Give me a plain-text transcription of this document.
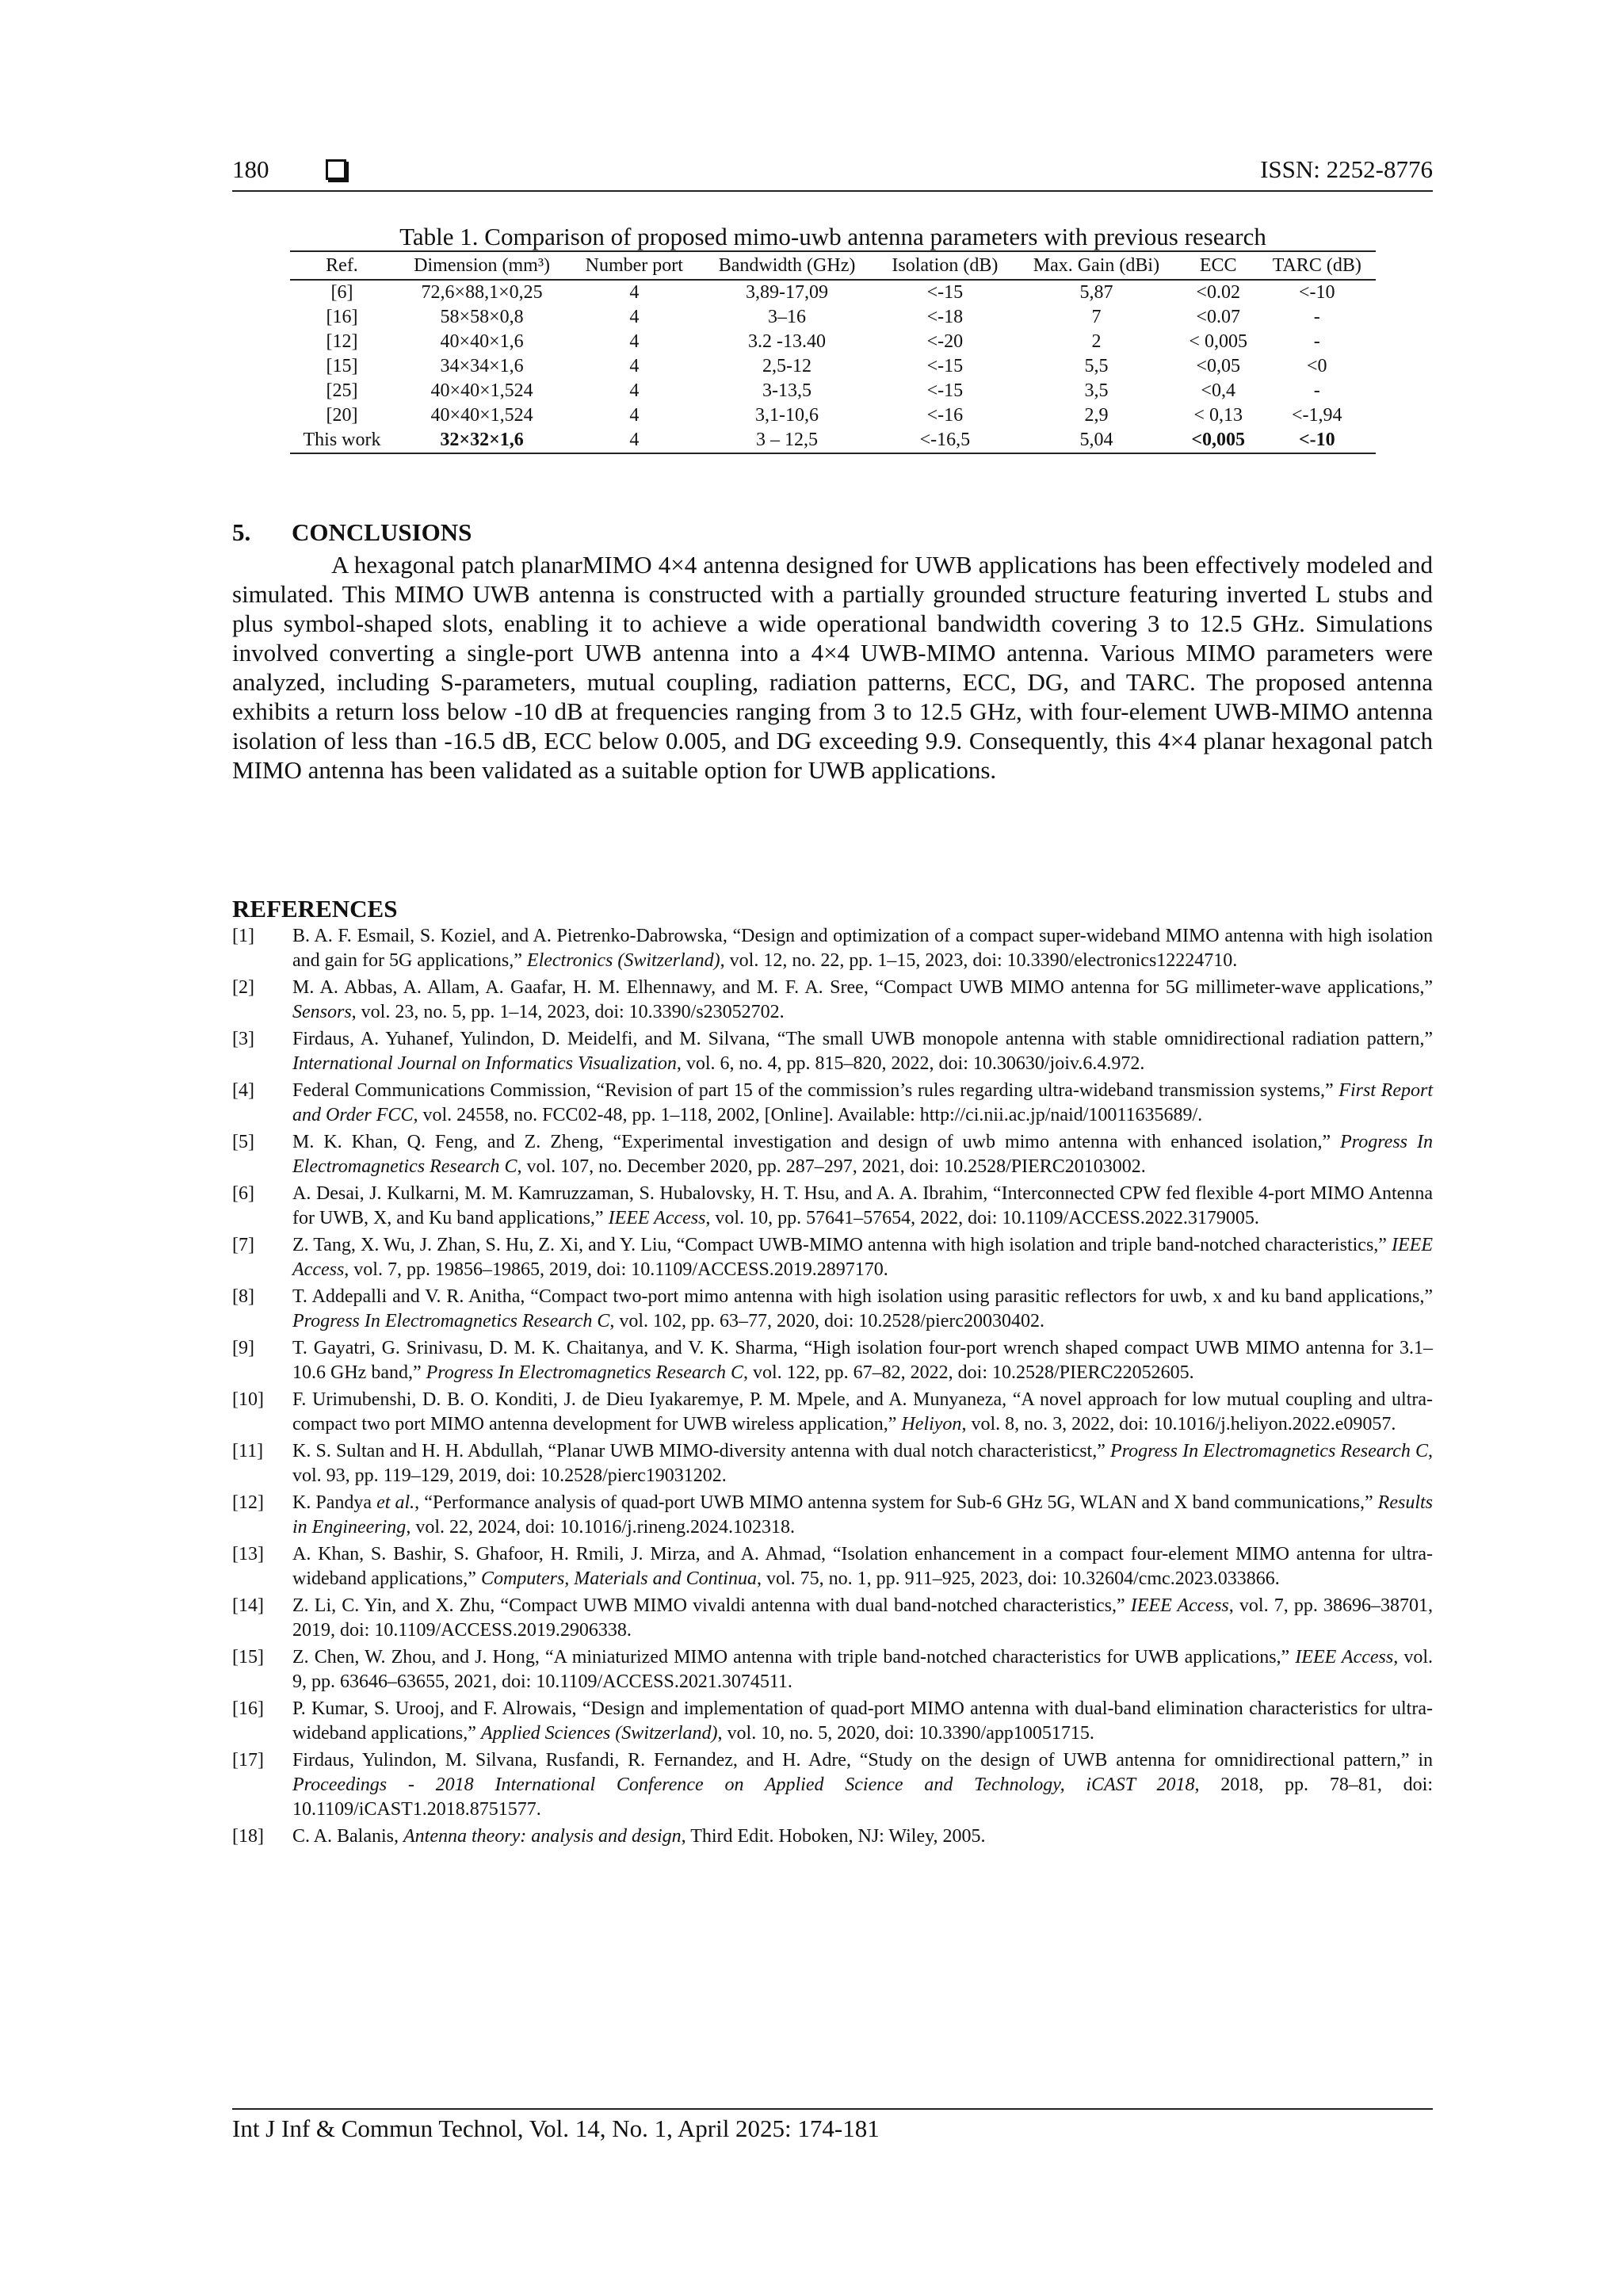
180	ISSN: 2252-8776
Table 1. Comparison of proposed mimo-uwb antenna parameters with previous research
Ref.	Dimension (mm³)	Number port	Bandwidth (GHz)	Isolation (dB)	Max. Gain (dBi)	ECC	TARC (dB)
[6]	72,6×88,1×0,25	4	3,89-17,09	<-15	5,87	<0.02	<-10
[16]	58×58×0,8	4	3–16	<-18	7	<0.07	-
[12]	40×40×1,6	4	3.2 -13.40	<-20	2	< 0,005	-
[15]	34×34×1,6	4	2,5-12	<-15	5,5	<0,05	<0
[25]	40×40×1,524	4	3-13,5	<-15	3,5	<0,4	-
[20]	40×40×1,524	4	3,1-10,6	<-16	2,9	< 0,13	<-1,94
This work	32×32×1,6	4	3 – 12,5	<-16,5	5,04	<0,005	<-10
5. CONCLUSIONS

A hexagonal patch planarMIMO 4×4 antenna designed for UWB applications has been effectively modeled and simulated. This MIMO UWB antenna is constructed with a partially grounded structure featuring inverted L stubs and plus symbol-shaped slots, enabling it to achieve a wide operational bandwidth covering 3 to 12.5 GHz. Simulations involved converting a single-port UWB antenna into a 4×4 UWB-MIMO antenna. Various MIMO parameters were analyzed, including S-parameters, mutual coupling, radiation patterns, ECC, DG, and TARC. The proposed antenna exhibits a return loss below -10 dB at frequencies ranging from 3 to 12.5 GHz, with four-element UWB-MIMO antenna isolation of less than -16.5 dB, ECC below 0.005, and DG exceeding 9.9. Consequently, this 4×4 planar hexagonal patch MIMO antenna has been validated as a suitable option for UWB applications.

REFERENCES
[1] B. A. F. Esmail, S. Koziel, and A. Pietrenko-Dabrowska, “Design and optimization of a compact super-wideband MIMO antenna with high isolation and gain for 5G applications,” Electronics (Switzerland), vol. 12, no. 22, pp. 1–15, 2023, doi: 10.3390/electronics12224710.
[2] M. A. Abbas, A. Allam, A. Gaafar, H. M. Elhennawy, and M. F. A. Sree, “Compact UWB MIMO antenna for 5G millimeter-wave applications,” Sensors, vol. 23, no. 5, pp. 1–14, 2023, doi: 10.3390/s23052702.
[3] Firdaus, A. Yuhanef, Yulindon, D. Meidelfi, and M. Silvana, “The small UWB monopole antenna with stable omnidirectional radiation pattern,” International Journal on Informatics Visualization, vol. 6, no. 4, pp. 815–820, 2022, doi: 10.30630/joiv.6.4.972.
[4] Federal Communications Commission, “Revision of part 15 of the commission’s rules regarding ultra-wideband transmission systems,” First Report and Order FCC, vol. 24558, no. FCC02-48, pp. 1–118, 2002, [Online]. Available: http://ci.nii.ac.jp/naid/10011635689/.
[5] M. K. Khan, Q. Feng, and Z. Zheng, “Experimental investigation and design of uwb mimo antenna with enhanced isolation,” Progress In Electromagnetics Research C, vol. 107, no. December 2020, pp. 287–297, 2021, doi: 10.2528/PIERC20103002.
[6] A. Desai, J. Kulkarni, M. M. Kamruzzaman, S. Hubalovsky, H. T. Hsu, and A. A. Ibrahim, “Interconnected CPW fed flexible 4-port MIMO Antenna for UWB, X, and Ku band applications,” IEEE Access, vol. 10, pp. 57641–57654, 2022, doi: 10.1109/ACCESS.2022.3179005.
[7] Z. Tang, X. Wu, J. Zhan, S. Hu, Z. Xi, and Y. Liu, “Compact UWB-MIMO antenna with high isolation and triple band-notched characteristics,” IEEE Access, vol. 7, pp. 19856–19865, 2019, doi: 10.1109/ACCESS.2019.2897170.
[8] T. Addepalli and V. R. Anitha, “Compact two-port mimo antenna with high isolation using parasitic reflectors for uwb, x and ku band applications,” Progress In Electromagnetics Research C, vol. 102, pp. 63–77, 2020, doi: 10.2528/pierc20030402.
[9] T. Gayatri, G. Srinivasu, D. M. K. Chaitanya, and V. K. Sharma, “High isolation four-port wrench shaped compact UWB MIMO antenna for 3.1–10.6 GHz band,” Progress In Electromagnetics Research C, vol. 122, pp. 67–82, 2022, doi: 10.2528/PIERC22052605.
[10] F. Urimubenshi, D. B. O. Konditi, J. de Dieu Iyakaremye, P. M. Mpele, and A. Munyaneza, “A novel approach for low mutual coupling and ultra-compact two port MIMO antenna development for UWB wireless application,” Heliyon, vol. 8, no. 3, 2022, doi: 10.1016/j.heliyon.2022.e09057.
[11] K. S. Sultan and H. H. Abdullah, “Planar UWB MIMO-diversity antenna with dual notch characteristicst,” Progress In Electromagnetics Research C, vol. 93, pp. 119–129, 2019, doi: 10.2528/pierc19031202.
[12] K. Pandya et al., “Performance analysis of quad-port UWB MIMO antenna system for Sub-6 GHz 5G, WLAN and X band communications,” Results in Engineering, vol. 22, 2024, doi: 10.1016/j.rineng.2024.102318.
[13] A. Khan, S. Bashir, S. Ghafoor, H. Rmili, J. Mirza, and A. Ahmad, “Isolation enhancement in a compact four-element MIMO antenna for ultra-wideband applications,” Computers, Materials and Continua, vol. 75, no. 1, pp. 911–925, 2023, doi: 10.32604/cmc.2023.033866.
[14] Z. Li, C. Yin, and X. Zhu, “Compact UWB MIMO vivaldi antenna with dual band-notched characteristics,” IEEE Access, vol. 7, pp. 38696–38701, 2019, doi: 10.1109/ACCESS.2019.2906338.
[15] Z. Chen, W. Zhou, and J. Hong, “A miniaturized MIMO antenna with triple band-notched characteristics for UWB applications,” IEEE Access, vol. 9, pp. 63646–63655, 2021, doi: 10.1109/ACCESS.2021.3074511.
[16] P. Kumar, S. Urooj, and F. Alrowais, “Design and implementation of quad-port MIMO antenna with dual-band elimination characteristics for ultra-wideband applications,” Applied Sciences (Switzerland), vol. 10, no. 5, 2020, doi: 10.3390/app10051715.
[17] Firdaus, Yulindon, M. Silvana, Rusfandi, R. Fernandez, and H. Adre, “Study on the design of UWB antenna for omnidirectional pattern,” in Proceedings - 2018 International Conference on Applied Science and Technology, iCAST 2018, 2018, pp. 78–81, doi: 10.1109/iCAST1.2018.8751577.
[18] C. A. Balanis, Antenna theory: analysis and design, Third Edit. Hoboken, NJ: Wiley, 2005.
Int J Inf & Commun Technol, Vol. 14, No. 1, April 2025: 174-181
